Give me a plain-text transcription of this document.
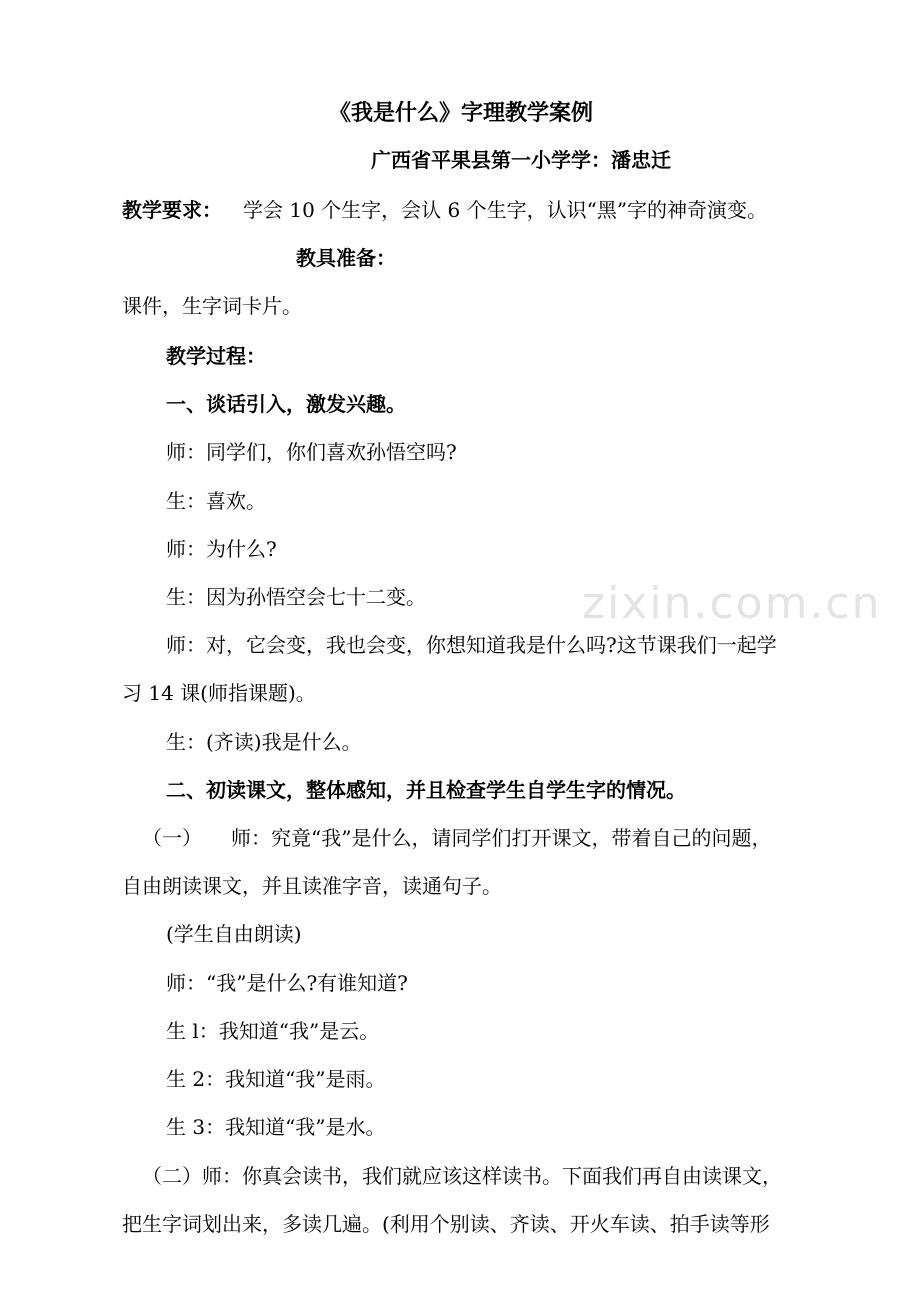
zixin.com.cn
《我是什么》字理教学案例
广西省平果县第一小学学：潘忠迁
教学要求： 学会 10 个生字，会认 6 个生字，认识“黑”字的神奇演变。
教具准备：
课件，生字词卡片。
教学过程：
一、谈话引入，激发兴趣。
师：同学们，你们喜欢孙悟空吗?
生：喜欢。
师：为什么?
生：因为孙悟空会七十二变。
师：对，它会变，我也会变，你想知道我是什么吗?这节课我们一起学
习 14 课(师指课题)。
生：(齐读)我是什么。
二、初读课文，整体感知，并且检查学生自学生字的情况。
（一） 师：究竟“我”是什么，请同学们打开课文，带着自己的问题，
自由朗读课文，并且读准字音，读通句子。
(学生自由朗读)
师：“我”是什么?有谁知道?
生 l：我知道“我”是云。
生 2：我知道“我”是雨。
生 3：我知道“我”是水。
（二）师：你真会读书，我们就应该这样读书。下面我们再自由读课文，
把生字词划出来，多读几遍。(利用个别读、齐读、开火车读、拍手读等形
